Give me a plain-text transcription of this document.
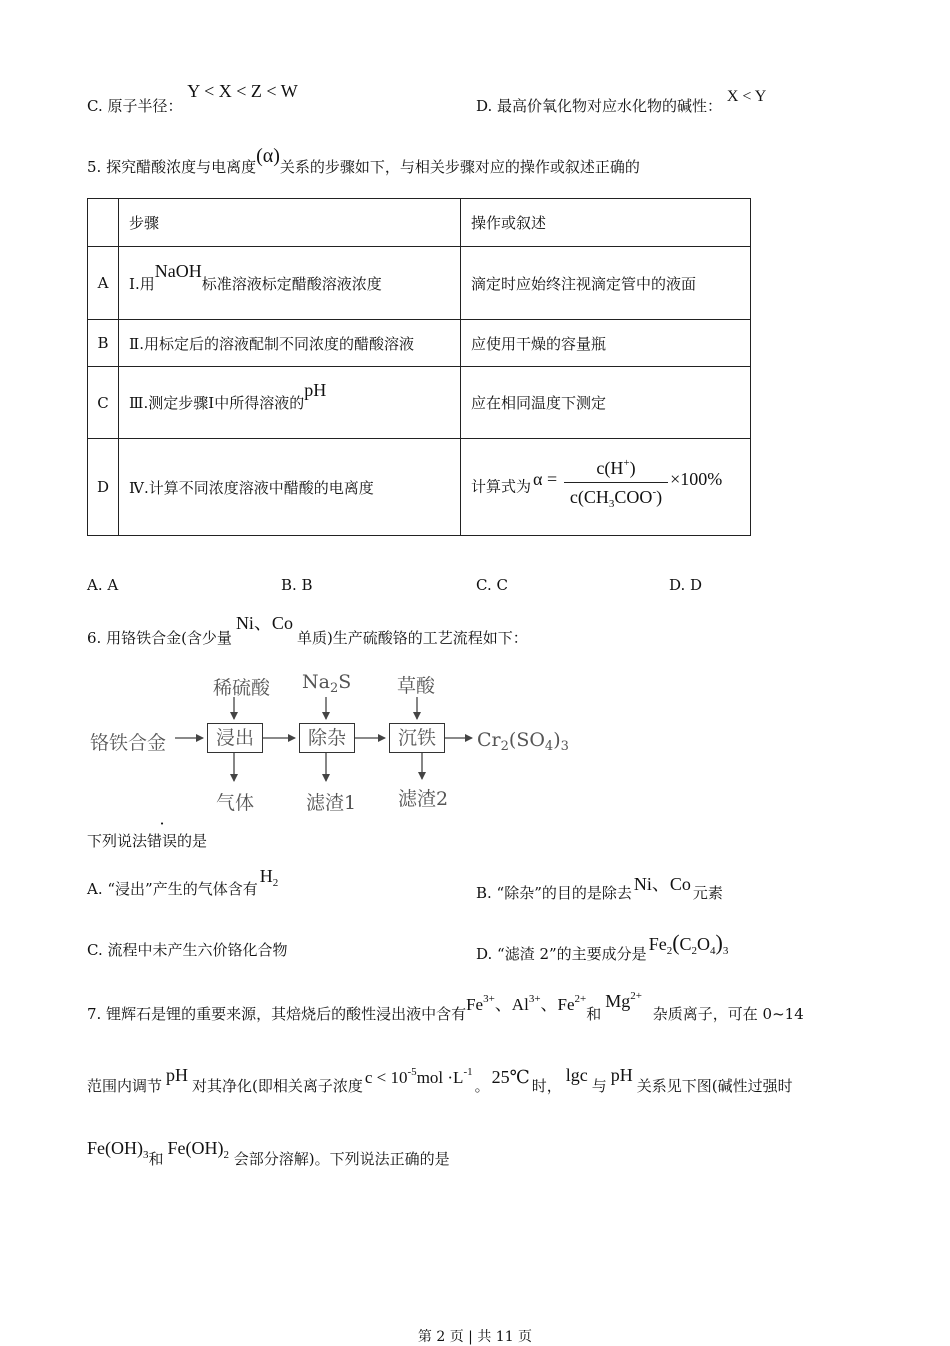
C. 原子半径： Y < X < Z < W
D. 最高价氧化物对应水化物的碱性： X < Y
5. 探究醋酸浓度与电离度(α)关系的步骤如下，与相关步骤对应的操作或叙述正确的
	步骤	操作或叙述
A	Ⅰ.用NaOH标准溶液标定醋酸溶液浓度	滴定时应始终注视滴定管中的液面
B	Ⅱ.用标定后的溶液配制不同浓度的醋酸溶液	应使用干燥的容量瓶
C	Ⅲ.测定步骤Ⅰ中所得溶液的pH	应在相同温度下测定
D	Ⅳ.计算不同浓度溶液中醋酸的电离度	计算式为 α =
c(H+)
$c(CH_3COO^-)$
×100%
A. A	B. B	C. C	D. D
6. 用铬铁合金(含少量Ni、Co单质)生产硫酸铬的工艺流程如下：
铬铁合金
稀硫酸 $Na_2S$ 草酸
浸出	除杂	沉铁	$Cr_2(SO_4)_3$
气体	滤渣1 滤渣2
下列说法错误的是
A. “浸出”产生的气体含有$H_2$
B. “除杂”的目的是除去 Ni、Co 元素
C. 流程中未产生六价铬化合物	D. “滤渣 2”的主要成分是 $Fe_2(C_2O_4)_3$
7. 锂辉石是锂的重要来源，其焙烧后的酸性浸出液中含有$Fe^{3+}$、$Al^{3+}$、$Fe^{2+}$和$Mg^{2+}$ 杂质离子，可在 0~14
范围内调节pH对其净化(即相关离子浓度 $c < 10^{-5}mol \cdot L^{-1}$。 25℃ 时，lgc与pH关系见下图(碱性过强时
$Fe(OH)_3$和$Fe(OH)_2$ 会部分溶解)。下列说法正确的是
第 2 页 | 共 11 页
